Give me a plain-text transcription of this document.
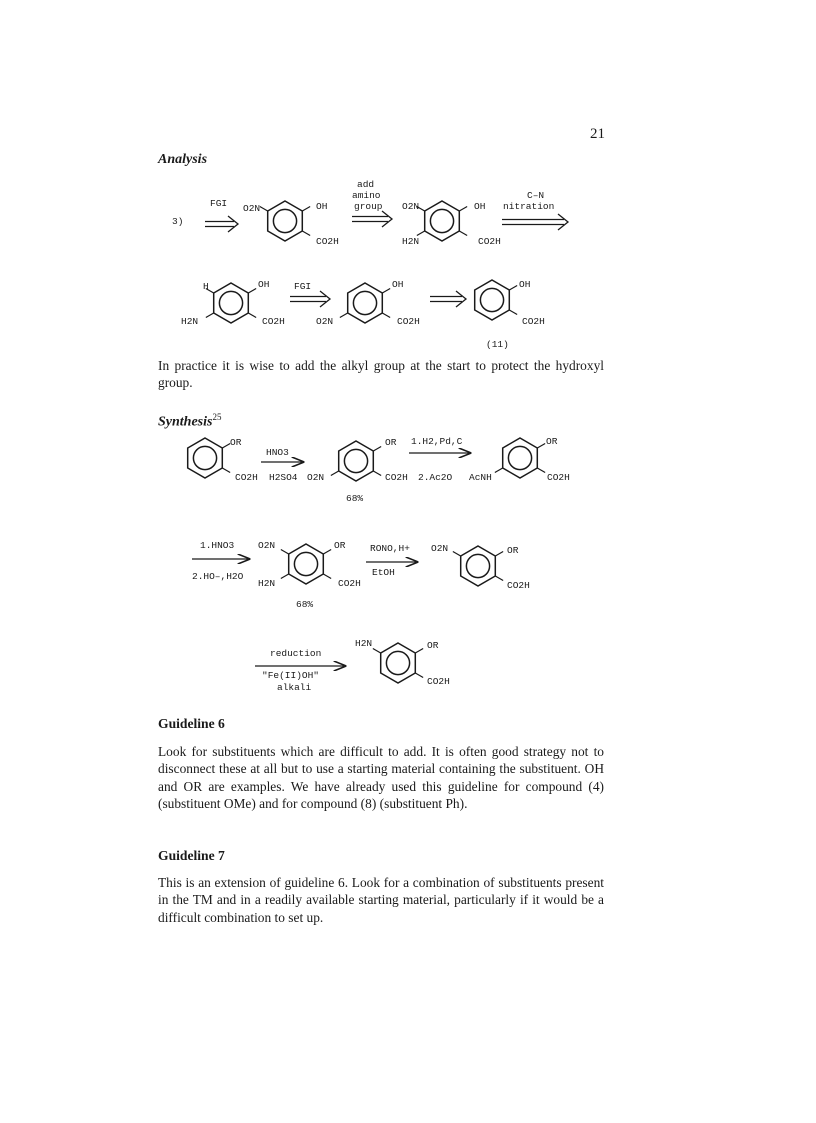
21
Analysis
Synthesis$^{25}$
In practice it is wise to add the alkyl group at the start to protect the hydroxyl group.
Guideline 6
Look for substituents which are difficult to add. It is often good strategy not to disconnect these at all but to use a starting material containing the substituent. OH and OR are examples. We have already used this guideline for compound (4) (substituent OMe) and for compound (8) (substituent Ph).
Guideline 7
This is an extension of guideline 6. Look for a combination of substituents present in the TM and in a readily available starting material, particularly if it would be a difficult combination to set up.
3)
FGI O2N	OH
CO2H
add
amino
group O2N	OH
H2N	CO2H
C–N
nitration
H	OH
H2N	CO2H
FGI	OH
O2N	CO2H
OH
CO2H
(11)
OR
CO2H
HNO3
H2SO4 O2N
OR
CO2H
68%
1.H2,Pd,C
2.Ac2O AcNH
OR
CO2H
1.HNO3
2.HO–,H2O
O2N	OR
H2N	CO2H
68%
RONO,H+
EtOH
O2N	OR
CO2H
reduction
"Fe(II)OH"
alkali
H2N	OR
CO2H
